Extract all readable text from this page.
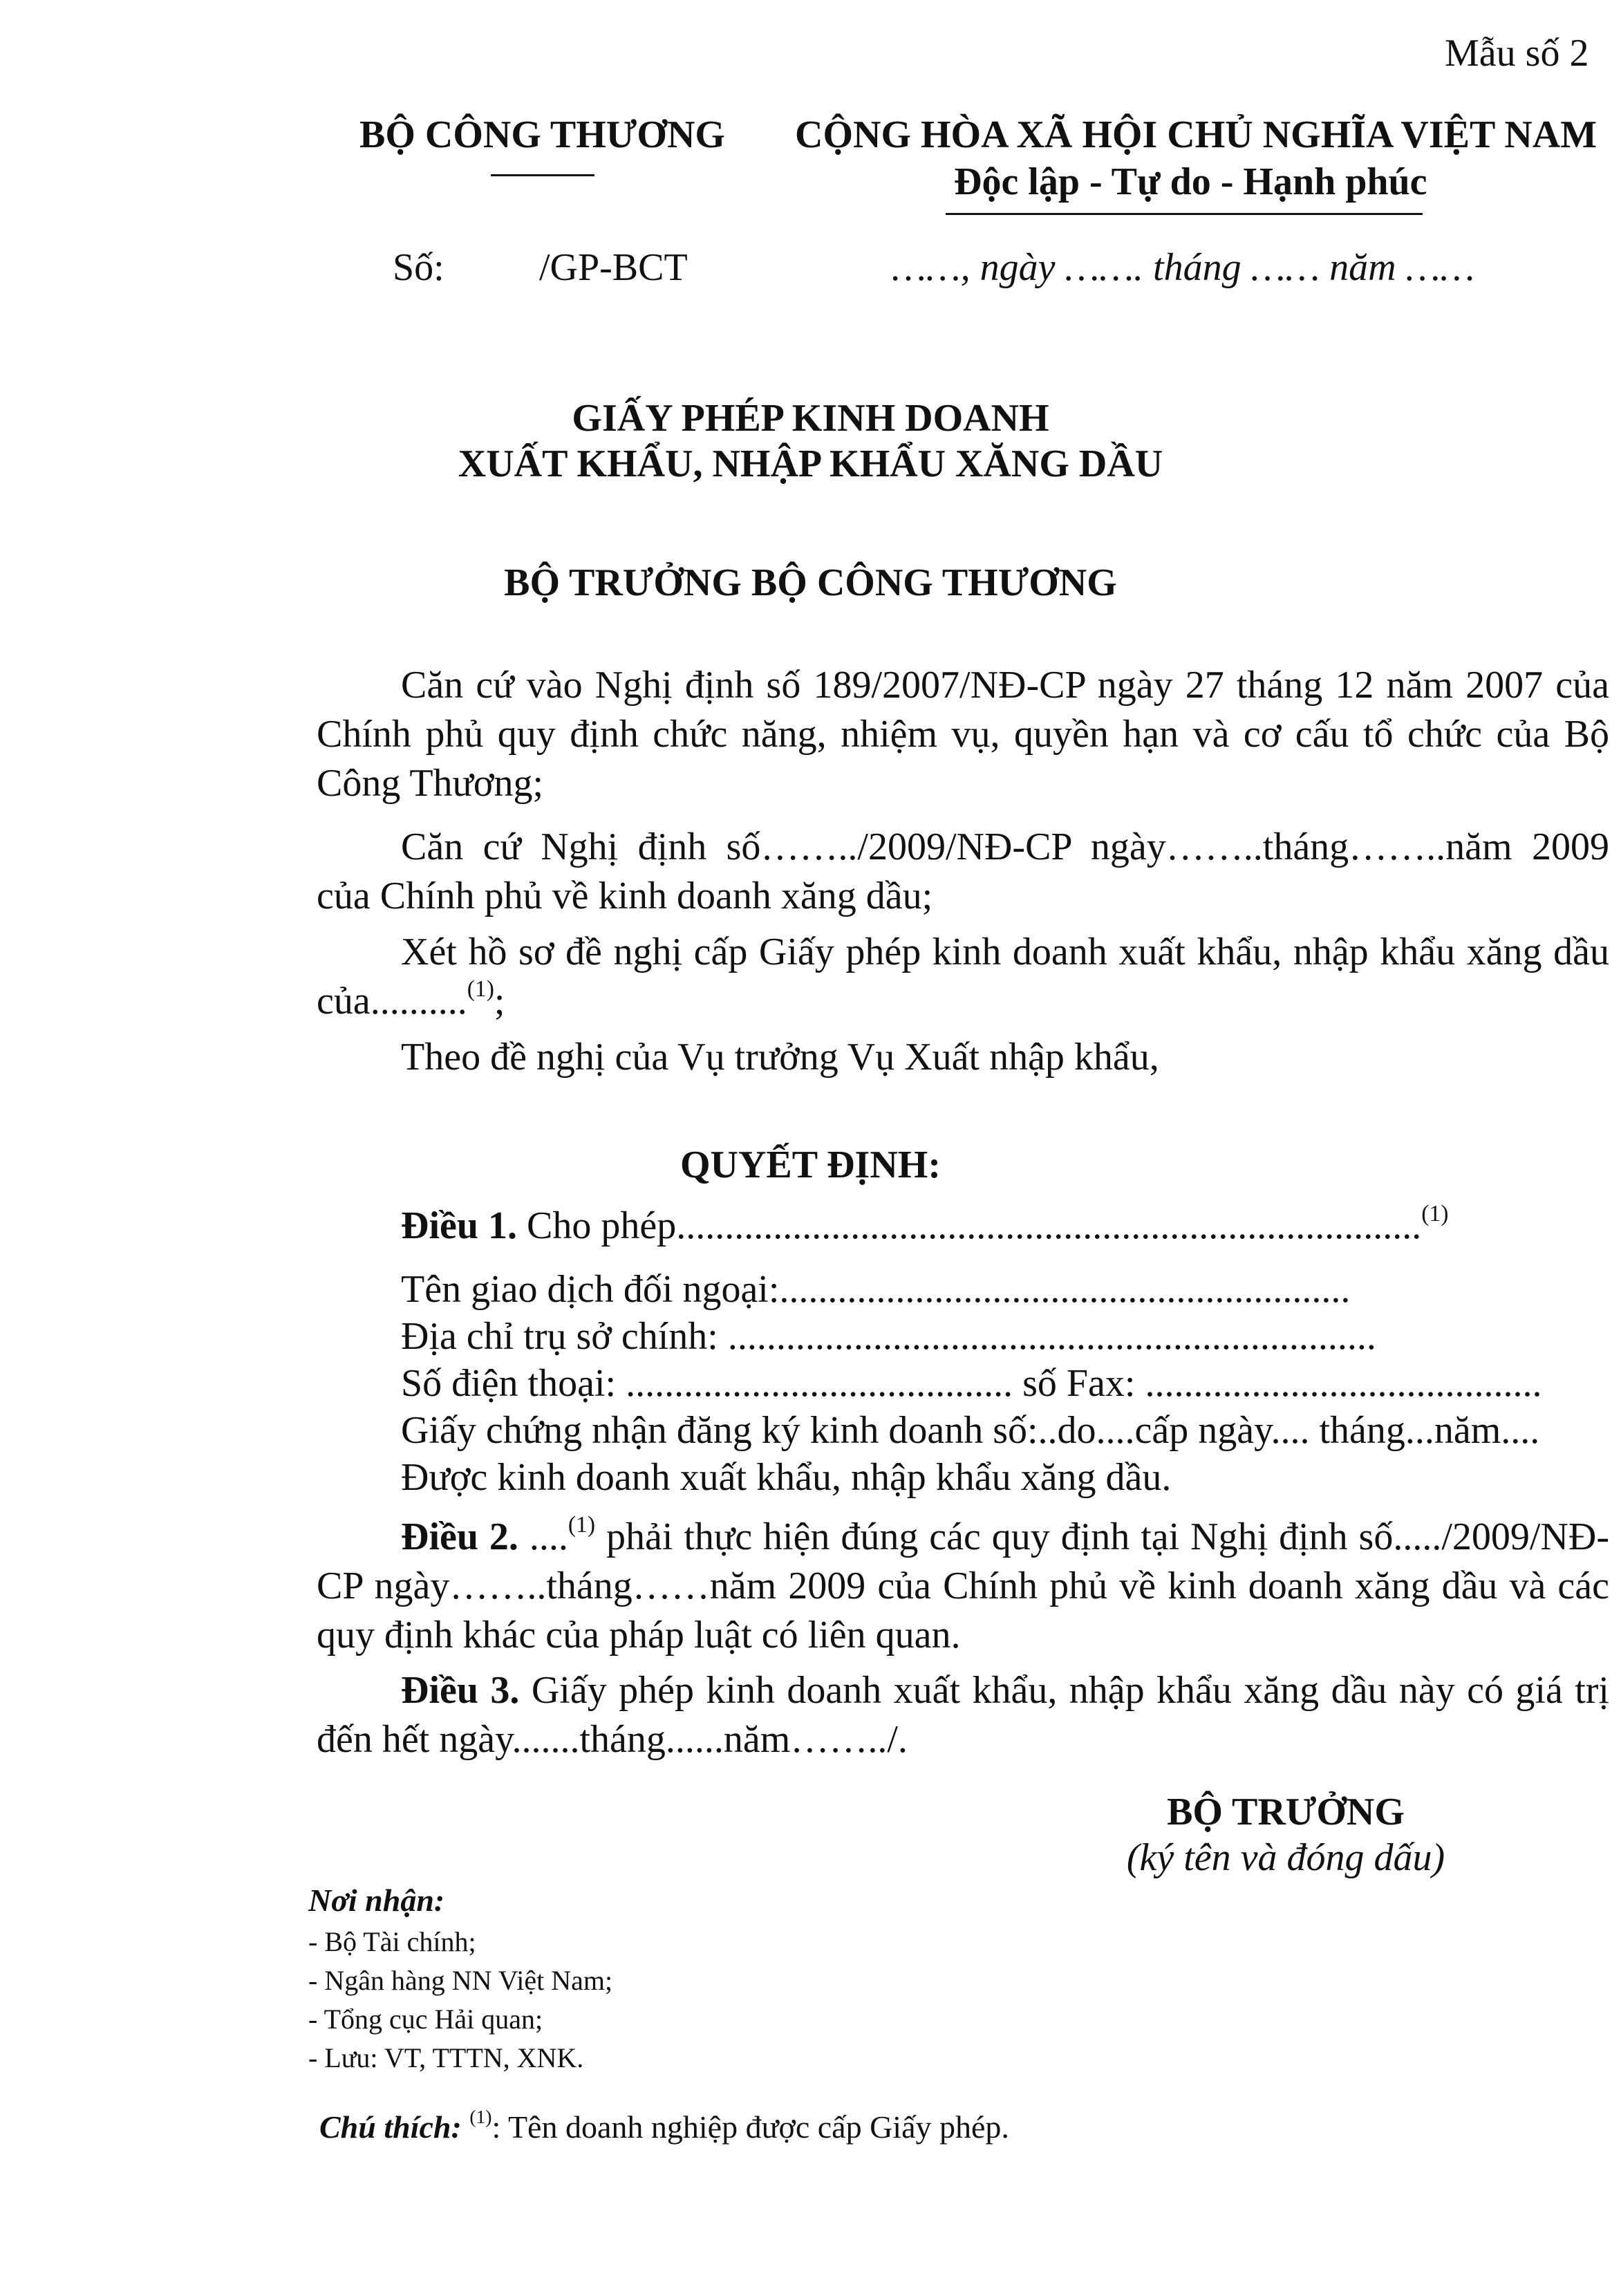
Mẫu số 2
BỘ CÔNG THƯƠNG CỘNG HÒA XÃ HỘI CHỦ NGHĨA VIỆT NAM
Độc lập - Tự do - Hạnh phúc
Số: /GP-BCT	……, ngày ……. tháng …… năm ……
GIẤY PHÉP KINH DOANH
XUẤT KHẨU, NHẬP KHẨU XĂNG DẦU
BỘ TRƯỞNG BỘ CÔNG THƯƠNG
Căn cứ vào Nghị định số 189/2007/NĐ-CP ngày 27 tháng 12 năm 2007 của Chính phủ quy định chức năng, nhiệm vụ, quyền hạn và cơ cấu tổ chức của Bộ Công Thương;
Căn cứ Nghị định số……../2009/NĐ-CP ngày……..tháng……..năm 2009 của Chính phủ về kinh doanh xăng dầu;
Xét hồ sơ đề nghị cấp Giấy phép kinh doanh xuất khẩu, nhập khẩu xăng dầu của..........$^{(1)}$;
Theo đề nghị của Vụ trưởng Vụ Xuất nhập khẩu,
QUYẾT ĐỊNH:
Điều 1. Cho phép.............................................................................$^{(1)}$
Tên giao dịch đối ngoại:...........................................................
Địa chỉ trụ sở chính: ...................................................................
Số điện thoại: ........................................ số Fax: .........................................
Giấy chứng nhận đăng ký kinh doanh số:..do....cấp ngày.... tháng...năm....
Được kinh doanh xuất khẩu, nhập khẩu xăng dầu.
Điều 2. ....$^{(1)}$ phải thực hiện đúng các quy định tại Nghị định số...../2009/NĐ-CP ngày……..tháng……năm 2009 của Chính phủ về kinh doanh xăng dầu và các quy định khác của pháp luật có liên quan.
Điều 3. Giấy phép kinh doanh xuất khẩu, nhập khẩu xăng dầu này có giá trị đến hết ngày.......tháng......năm……../.
BỘ TRƯỞNG
(ký tên và đóng dấu)
Nơi nhận:
- Bộ Tài chính;
- Ngân hàng NN Việt Nam;
- Tổng cục Hải quan;
- Lưu: VT, TTTN, XNK.
Chú thích: $^{(1)}$: Tên doanh nghiệp được cấp Giấy phép.
